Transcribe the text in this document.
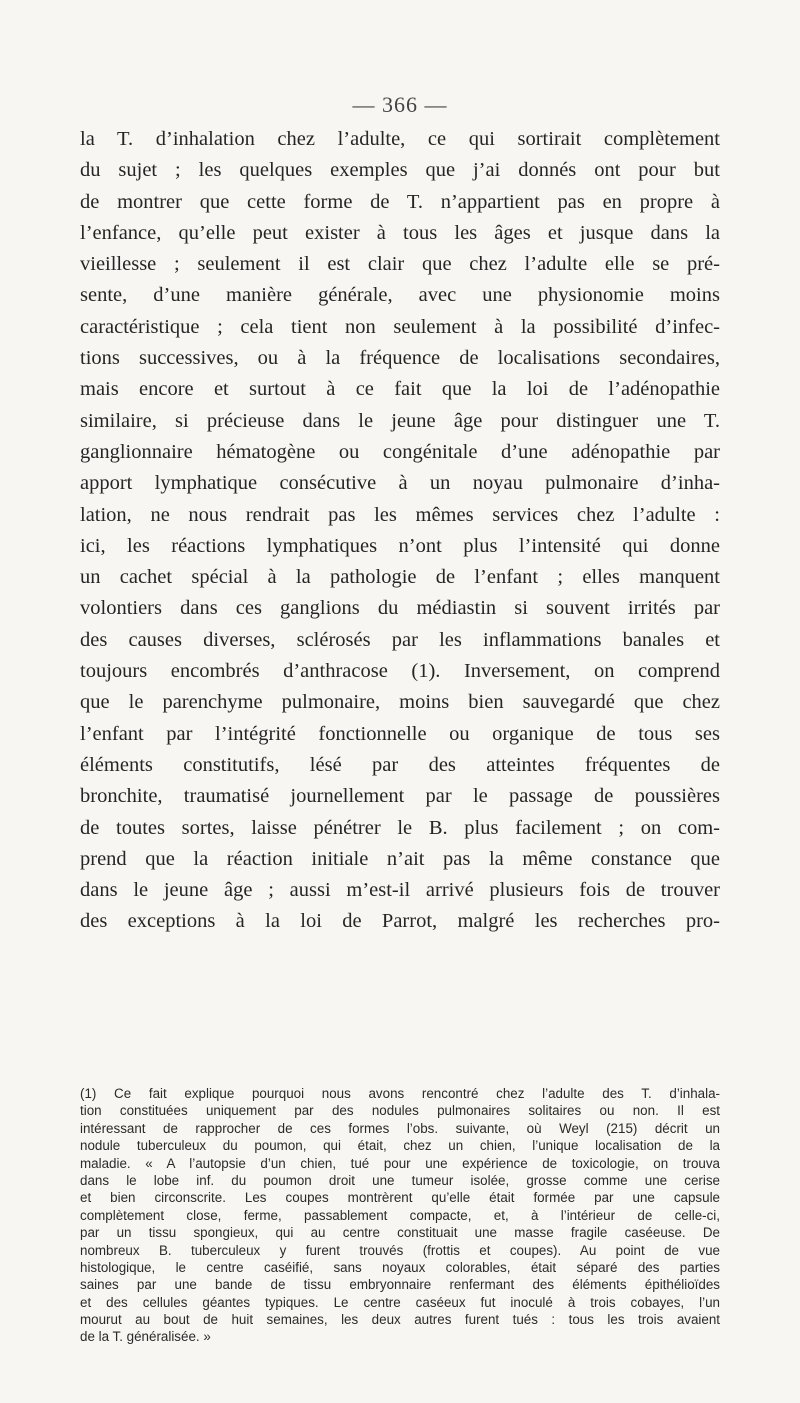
— 366 —
la T. d’inhalation chez l’adulte, ce qui sortirait complètement
du sujet ; les quelques exemples que j’ai donnés ont pour but
de montrer que cette forme de T. n’appartient pas en propre à
l’enfance, qu’elle peut exister à tous les âges et jusque dans la
vieillesse ; seulement il est clair que chez l’adulte elle se pré-
sente, d’une manière générale, avec une physionomie moins
caractéristique ; cela tient non seulement à la possibilité d’infec-
tions successives, ou à la fréquence de localisations secondaires,
mais encore et surtout à ce fait que la loi de l’adénopathie
similaire, si précieuse dans le jeune âge pour distinguer une T.
ganglionnaire hématogène ou congénitale d’une adénopathie par
apport lymphatique consécutive à un noyau pulmonaire d’inha-
lation, ne nous rendrait pas les mêmes services chez l’adulte :
ici, les réactions lymphatiques n’ont plus l’intensité qui donne
un cachet spécial à la pathologie de l’enfant ; elles manquent
volontiers dans ces ganglions du médiastin si souvent irrités par
des causes diverses, sclérosés par les inflammations banales et
toujours encombrés d’anthracose (1). Inversement, on comprend
que le parenchyme pulmonaire, moins bien sauvegardé que chez
l’enfant par l’intégrité fonctionnelle ou organique de tous ses
éléments constitutifs, lésé par des atteintes fréquentes de
bronchite, traumatisé journellement par le passage de poussières
de toutes sortes, laisse pénétrer le B. plus facilement ; on com-
prend que la réaction initiale n’ait pas la même constance que
dans le jeune âge ; aussi m’est-il arrivé plusieurs fois de trouver
des exceptions à la loi de Parrot, malgré les recherches pro-
(1) Ce fait explique pourquoi nous avons rencontré chez l’adulte des T. d’inhala-
tion constituées uniquement par des nodules pulmonaires solitaires ou non. Il est
intéressant de rapprocher de ces formes l’obs. suivante, où Weyl (215) décrit un
nodule tuberculeux du poumon, qui était, chez un chien, l’unique localisation de la
maladie. « A l’autopsie d’un chien, tué pour une expérience de toxicologie, on trouva
dans le lobe inf. du poumon droit une tumeur isolée, grosse comme une cerise
et bien circonscrite. Les coupes montrèrent qu’elle était formée par une capsule
complètement close, ferme, passablement compacte, et, à l’intérieur de celle-ci,
par un tissu spongieux, qui au centre constituait une masse fragile caséeuse. De
nombreux B. tuberculeux y furent trouvés (frottis et coupes). Au point de vue
histologique, le centre caséifié, sans noyaux colorables, était séparé des parties
saines par une bande de tissu embryonnaire renfermant des éléments épithélioïdes
et des cellules géantes typiques. Le centre caséeux fut inoculé à trois cobayes, l’un
mourut au bout de huit semaines, les deux autres furent tués : tous les trois avaient
de la T. généralisée. »
